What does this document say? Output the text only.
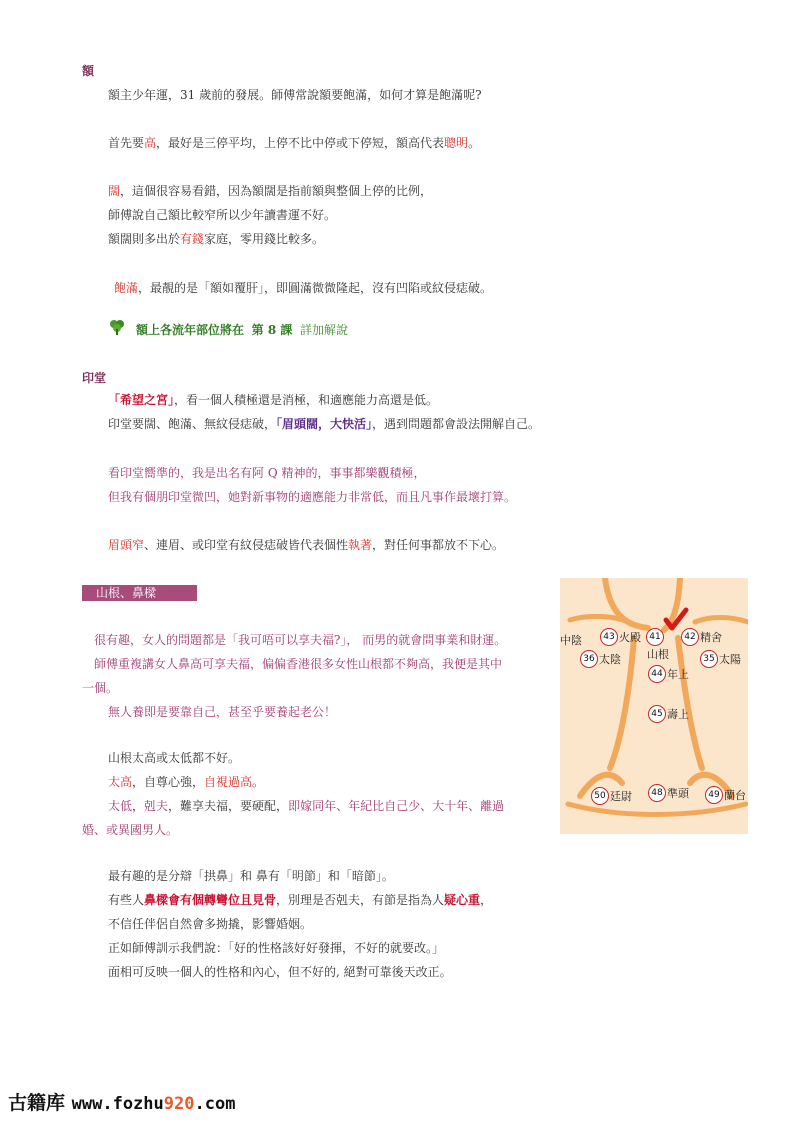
額
額主少年運，31 歲前的發展。師傅常說額要飽滿，如何才算是飽滿呢?
首先要高，最好是三停平均，上停不比中停或下停短，額高代表聰明。
闊，這個很容易看錯，因為額闊是指前額與整個上停的比例，
師傅說自己額比較窄所以少年讀書運不好。
額闊則多出於有錢家庭，零用錢比較多。
飽滿，最靚的是「額如覆肝」，即圓滿微微隆起，沒有凹陷或紋侵痣破。
額上各流年部位將在 第 8 課 詳加解說
印堂
「希望之宮」，看一個人積極還是消極，和適應能力高還是低。
印堂要闊、飽滿、無紋侵痣破，「眉頭闊，大快活」，遇到問題都會設法開解自己。
看印堂嚮準的，我是出名有阿 Q 精神的，事事都樂觀積極，
但我有個朋印堂微凹，她對新事物的適應能力非常低，而且凡事作最壞打算。
眉頭窄、連眉、或印堂有紋侵痣破皆代表個性執著，對任何事都放不下心。
山根、鼻樑
很有趣，女人的問題都是「我可唔可以享夫福?」， 而男的就會問事業和財運。
師傅重複講女人鼻高可享夫福，偏偏香港很多女性山根都不夠高，我便是其中
一個。
無人養即是要靠自己，甚至乎要養起老公！
山根太高或太低都不好。
太高，自尊心強，自視過高。
太低，剋夫，難享夫福，要硬配，即嫁同年、年紀比自己少、大十年、離過
婚、或異國男人。
最有趣的是分辯「拱鼻」和 鼻有「明節」和「暗節」。
有些人鼻樑會有個轉彎位且見骨，別理是否剋夫，有節是指為人疑心重，
不信任伴侶自然會多拗撬，影響婚姻。
正如師傅訓示我們說：「好的性格該好好發揮，不好的就要改。」
面相可反映一個人的性格和內心，但不好的, 絕對可靠後天改正。
中陰	43 火殿 41
山根
42 精舍
36 太陰	35 太陽
44 年上
45 壽上
50 廷尉	48 準頭	49 蘭台
古籍库 www.fozhu920.com
